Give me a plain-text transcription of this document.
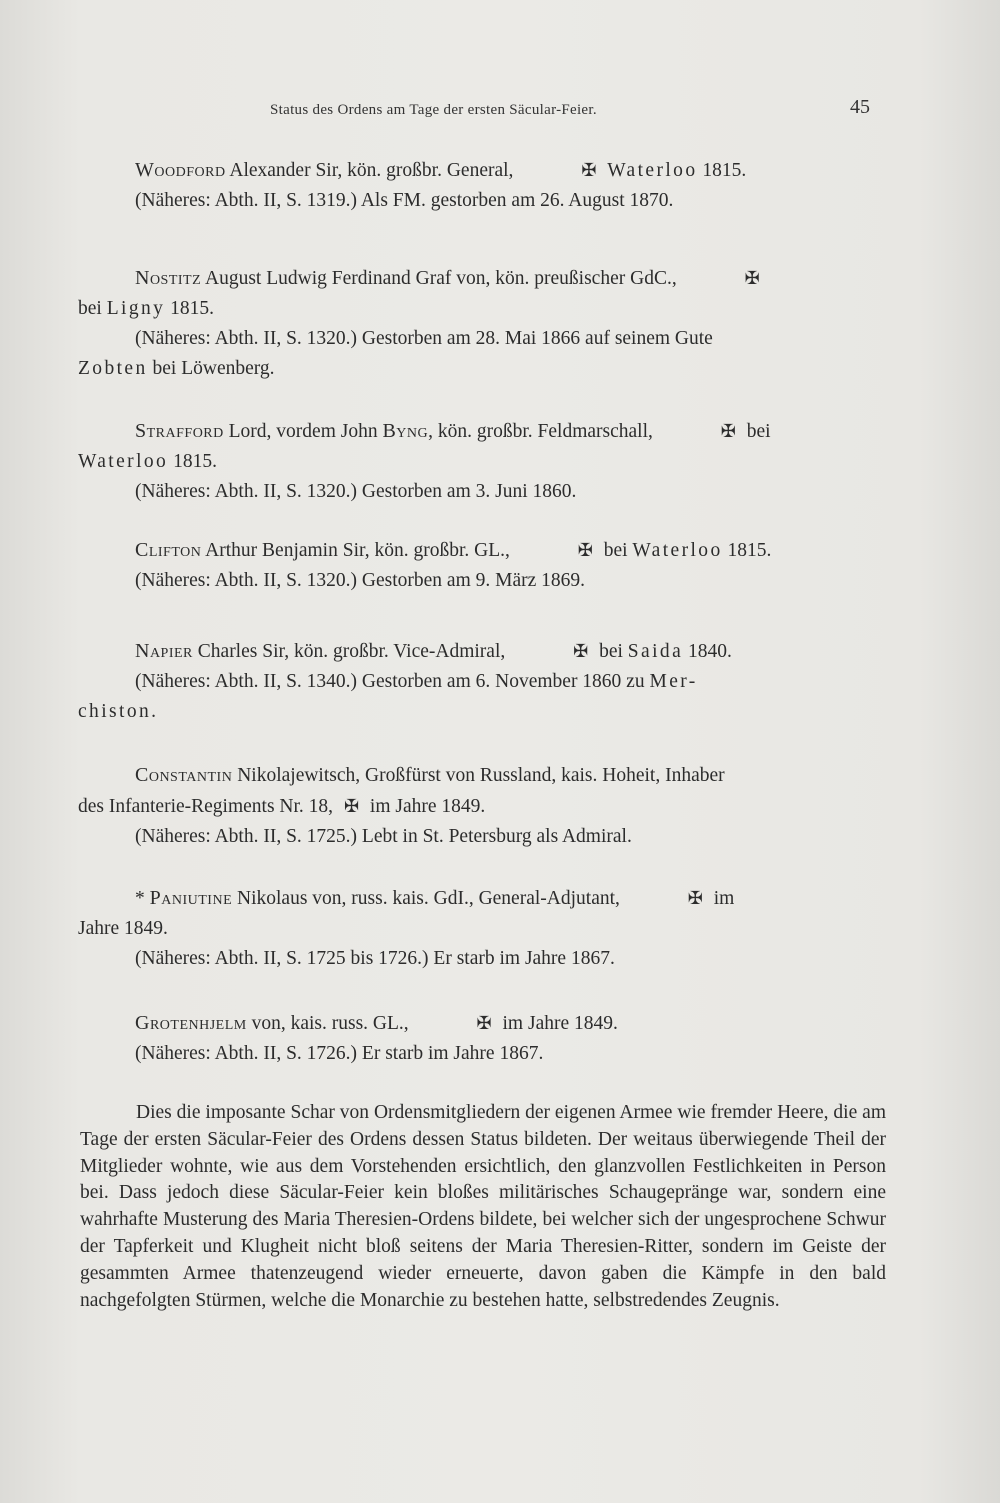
Status des Ordens am Tage der ersten Säcular-Feier.	45

Woodford Alexander Sir, kön. großbr. General,	✠ Waterloo 1815.

(Näheres: Abth. II, S. 1319.) Als FM. gestorben am 26. August 1870.

Nostitz August Ludwig Ferdinand Graf von, kön. preußischer GdC.,	✠

bei Ligny 1815.

(Näheres: Abth. II, S. 1320.) Gestorben am 28. Mai 1866 auf seinem Gute

Zobten bei Löwenberg.

Strafford Lord, vordem John Byng, kön. großbr. Feldmarschall,	✠ bei

Waterloo 1815.

(Näheres: Abth. II, S. 1320.) Gestorben am 3. Juni 1860.

Clifton Arthur Benjamin Sir, kön. großbr. GL.,	✠ bei Waterloo 1815.

(Näheres: Abth. II, S. 1320.) Gestorben am 9. März 1869.

Napier Charles Sir, kön. großbr. Vice-Admiral,	✠ bei Saida 1840.

(Näheres: Abth. II, S. 1340.) Gestorben am 6. November 1860 zu Mer-

chiston.

Constantin Nikolajewitsch, Großfürst von Russland, kais. Hoheit, Inhaber

des Infanterie-Regiments Nr. 18, ✠ im Jahre 1849.

(Näheres: Abth. II, S. 1725.) Lebt in St. Petersburg als Admiral.

* Paniutine Nikolaus von, russ. kais. GdI., General-Adjutant,	✠ im

Jahre 1849.

(Näheres: Abth. II, S. 1725 bis 1726.) Er starb im Jahre 1867.

Grotenhjelm von, kais. russ. GL.,	✠ im Jahre 1849.

(Näheres: Abth. II, S. 1726.) Er starb im Jahre 1867.

Dies die imposante Schar von Ordensmitgliedern der eigenen Armee wie fremder Heere, die am Tage der ersten Säcular-Feier des Ordens dessen Status bildeten. Der weitaus überwiegende Theil der Mitglieder wohnte, wie aus dem Vorstehenden ersichtlich, den glanzvollen Festlichkeiten in Person bei. Dass jedoch diese Säcular-Feier kein bloßes militärisches Schaugepränge war, sondern eine wahrhafte Musterung des Maria Theresien-Ordens bildete, bei welcher sich der ungesprochene Schwur der Tapferkeit und Klugheit nicht bloß seitens der Maria Theresien-Ritter, sondern im Geiste der gesammten Armee thatenzeugend wieder erneuerte, davon gaben die Kämpfe in den bald nachgefolgten Stürmen, welche die Monarchie zu bestehen hatte, selbstredendes Zeugnis.
